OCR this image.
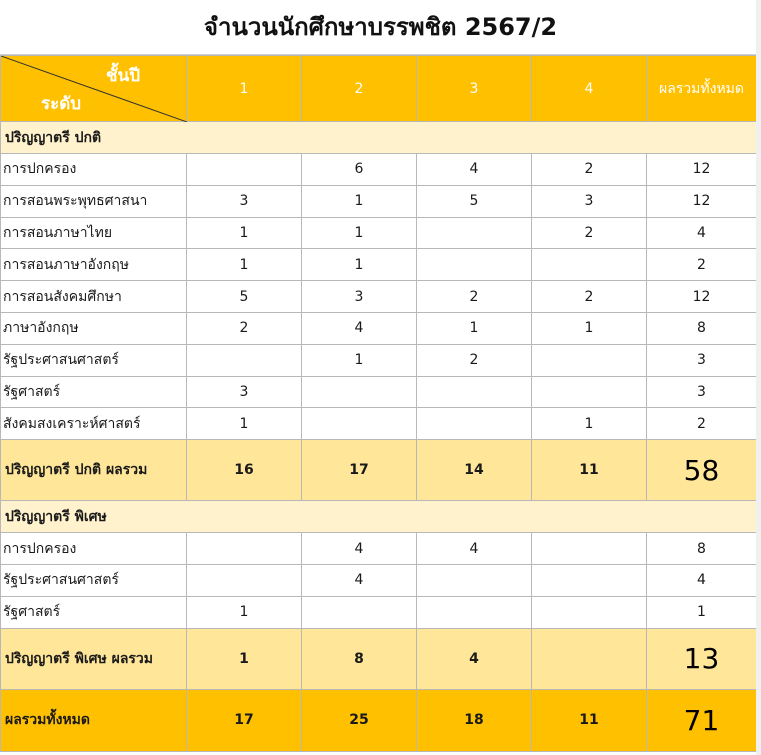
จำนวนนักศึกษาบรรพชิต 2567/2
ชั้นปี
ระดับ	1	2	3	4	ผลรวมทั้งหมด
ปริญญาตรี ปกติ					
การปกครอง		6	4	2	12
การสอนพระพุทธศาสนา	3	1	5	3	12
การสอนภาษาไทย	1	1		2	4
การสอนภาษาอังกฤษ	1	1			2
การสอนสังคมศึกษา	5	3	2	2	12
ภาษาอังกฤษ	2	4	1	1	8
รัฐประศาสนศาสตร์		1	2		3
รัฐศาสตร์	3				3
สังคมสงเคราะห์ศาสตร์	1			1	2
ปริญญาตรี ปกติ ผลรวม	16	17	14	11	58
ปริญญาตรี พิเศษ					
การปกครอง		4	4		8
รัฐประศาสนศาสตร์		4			4
รัฐศาสตร์	1				1
ปริญญาตรี พิเศษ ผลรวม	1	8	4		13
ผลรวมทั้งหมด	17	25	18	11	71
